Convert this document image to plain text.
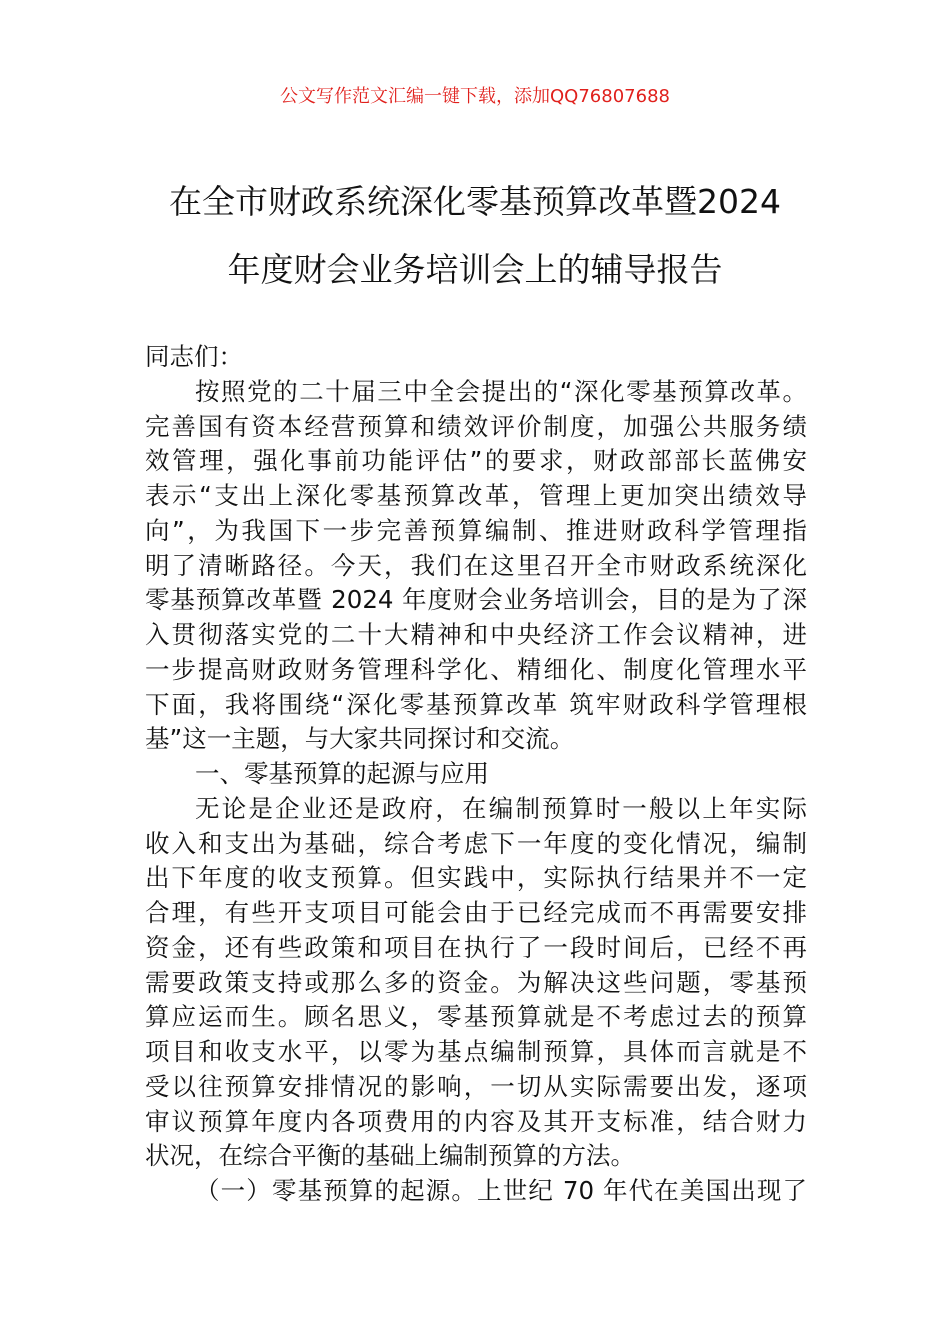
公文写作范文汇编一键下载，添加QQ76807688
在全市财政系统深化零基预算改革暨2024
年度财会业务培训会上的辅导报告
同志们：
按照党的二十届三中全会提出的“深化零基预算改革。
完善国有资本经营预算和绩效评价制度，加强公共服务绩
效管理，强化事前功能评估”的要求，财政部部长蓝佛安
表示“支出上深化零基预算改革，管理上更加突出绩效导
向”，为我国下一步完善预算编制、推进财政科学管理指
明了清晰路径。今天，我们在这里召开全市财政系统深化
零基预算改革暨 2024 年度财会业务培训会，目的是为了深
入贯彻落实党的二十大精神和中央经济工作会议精神，进
一步提高财政财务管理科学化、精细化、制度化管理水平
下面，我将围绕“深化零基预算改革 筑牢财政科学管理根
基”这一主题，与大家共同探讨和交流。
一、零基预算的起源与应用
无论是企业还是政府，在编制预算时一般以上年实际
收入和支出为基础，综合考虑下一年度的变化情况，编制
出下年度的收支预算。但实践中，实际执行结果并不一定
合理，有些开支项目可能会由于已经完成而不再需要安排
资金，还有些政策和项目在执行了一段时间后，已经不再
需要政策支持或那么多的资金。为解决这些问题，零基预
算应运而生。顾名思义，零基预算就是不考虑过去的预算
项目和收支水平，以零为基点编制预算，具体而言就是不
受以往预算安排情况的影响，一切从实际需要出发，逐项
审议预算年度内各项费用的内容及其开支标准，结合财力
状况，在综合平衡的基础上编制预算的方法。
（一）零基预算的起源。上世纪 70 年代在美国出现了
